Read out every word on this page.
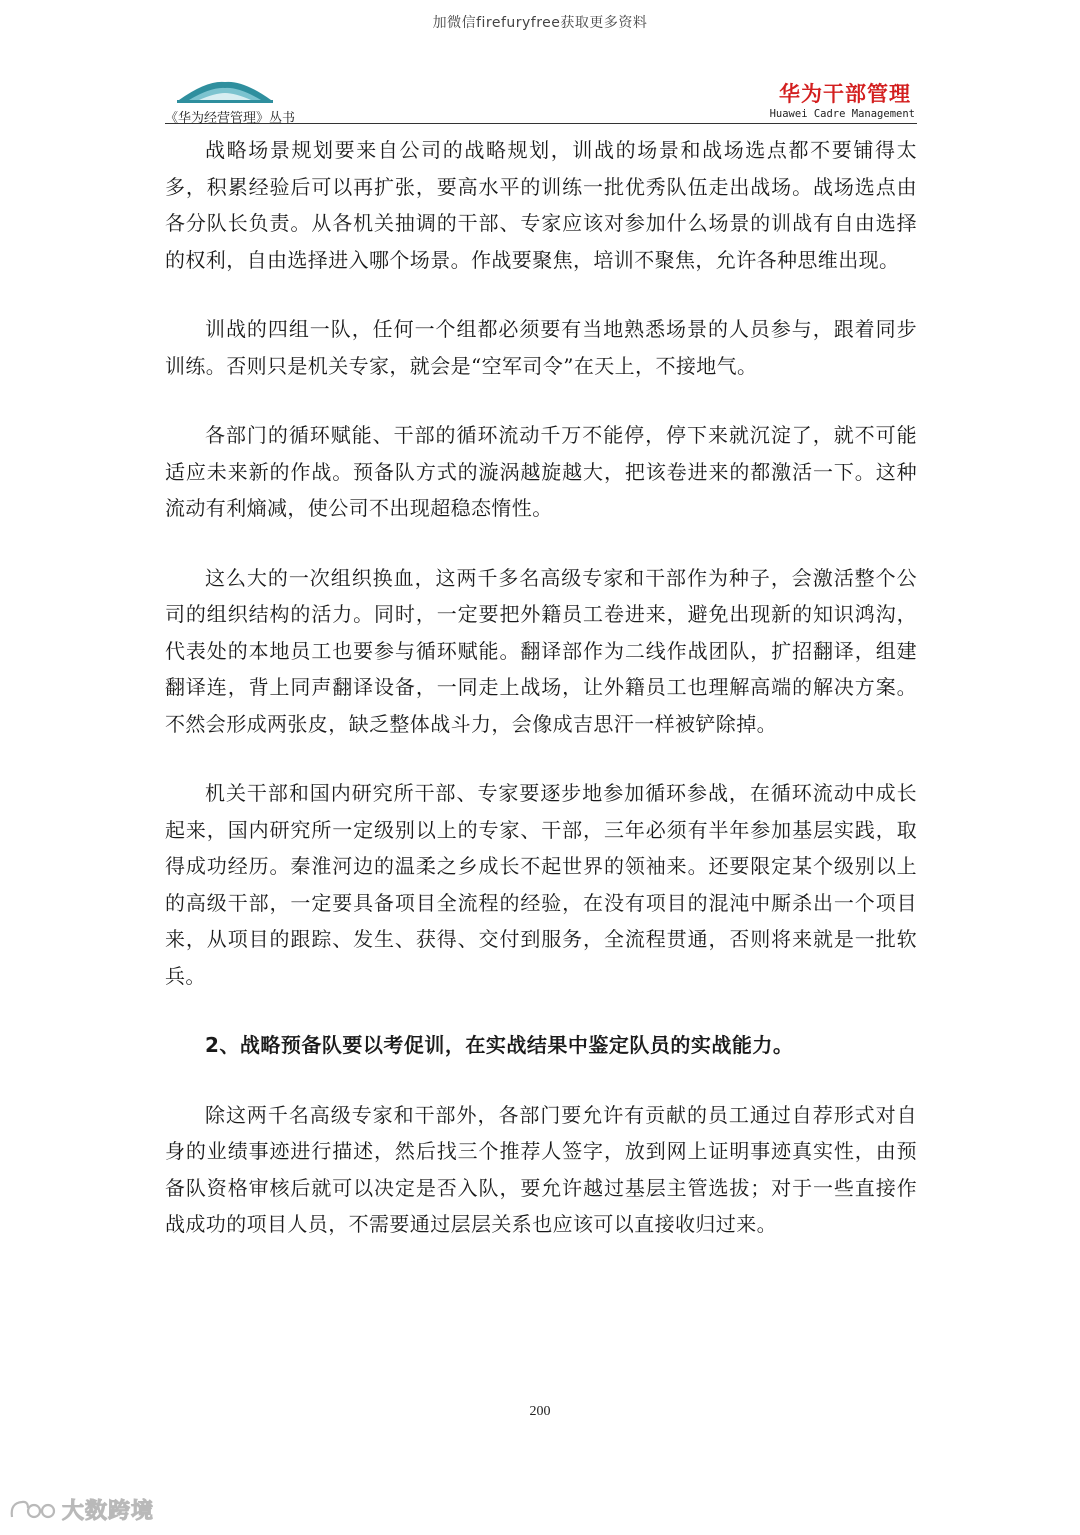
加微信firefuryfree获取更多资料
《华为经营管理》丛书
华为干部管理
Huawei Cadre Management

战略场景规划要来自公司的战略规划，训战的场景和战场选点都不要铺得太多，积累经验后可以再扩张，要高水平的训练一批优秀队伍走出战场。战场选点由各分队长负责。从各机关抽调的干部、专家应该对参加什么场景的训战有自由选择的权利，自由选择进入哪个场景。作战要聚焦，培训不聚焦，允许各种思维出现。

训战的四组一队，任何一个组都必须要有当地熟悉场景的人员参与，跟着同步训练。否则只是机关专家，就会是“空军司令”在天上，不接地气。

各部门的循环赋能、干部的循环流动千万不能停，停下来就沉淀了，就不可能适应未来新的作战。预备队方式的漩涡越旋越大，把该卷进来的都激活一下。这种流动有利熵减，使公司不出现超稳态惰性。

这么大的一次组织换血，这两千多名高级专家和干部作为种子，会激活整个公司的组织结构的活力。同时，一定要把外籍员工卷进来，避免出现新的知识鸿沟，代表处的本地员工也要参与循环赋能。翻译部作为二线作战团队，扩招翻译，组建翻译连，背上同声翻译设备，一同走上战场，让外籍员工也理解高端的解决方案。不然会形成两张皮，缺乏整体战斗力，会像成吉思汗一样被铲除掉。

机关干部和国内研究所干部、专家要逐步地参加循环参战，在循环流动中成长起来，国内研究所一定级别以上的专家、干部，三年必须有半年参加基层实践，取得成功经历。秦淮河边的温柔之乡成长不起世界的领袖来。还要限定某个级别以上的高级干部，一定要具备项目全流程的经验，在没有项目的混沌中厮杀出一个项目来，从项目的跟踪、发生、获得、交付到服务，全流程贯通，否则将来就是一批软兵。

2、战略预备队要以考促训，在实战结果中鉴定队员的实战能力。

除这两千名高级专家和干部外，各部门要允许有贡献的员工通过自荐形式对自身的业绩事迹进行描述，然后找三个推荐人签字，放到网上证明事迹真实性，由预备队资格审核后就可以决定是否入队，要允许越过基层主管选拔；对于一些直接作战成功的项目人员，不需要通过层层关系也应该可以直接收归过来。

200
大数跨境
